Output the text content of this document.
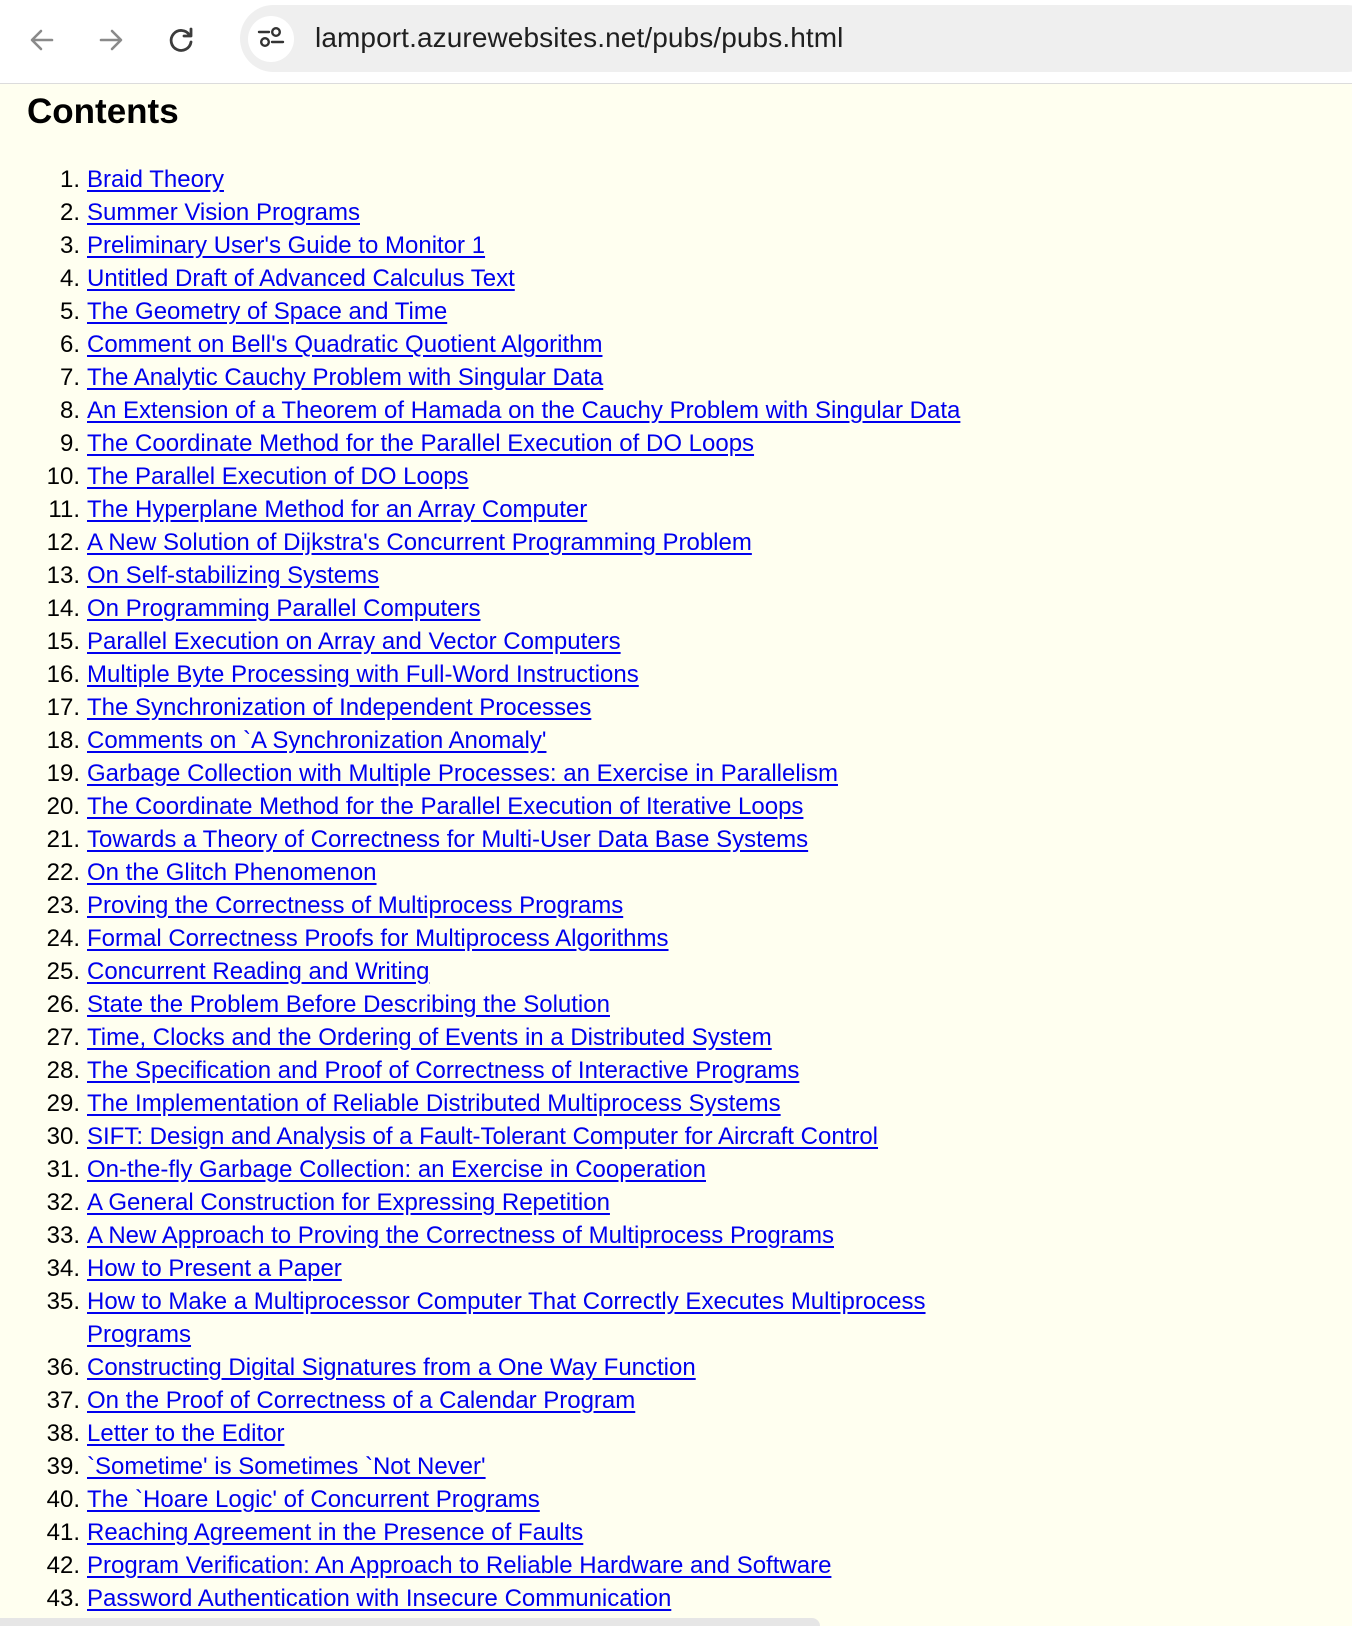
lamport.azurewebsites.net/pubs/pubs.html
Contents
1. Braid Theory
2. Summer Vision Programs
3. Preliminary User's Guide to Monitor 1
4. Untitled Draft of Advanced Calculus Text
5. The Geometry of Space and Time
6. Comment on Bell's Quadratic Quotient Algorithm
7. The Analytic Cauchy Problem with Singular Data
8. An Extension of a Theorem of Hamada on the Cauchy Problem with Singular Data
9. The Coordinate Method for the Parallel Execution of DO Loops
10. The Parallel Execution of DO Loops
11. The Hyperplane Method for an Array Computer
12. A New Solution of Dijkstra's Concurrent Programming Problem
13. On Self-stabilizing Systems
14. On Programming Parallel Computers
15. Parallel Execution on Array and Vector Computers
16. Multiple Byte Processing with Full-Word Instructions
17. The Synchronization of Independent Processes
18. Comments on `A Synchronization Anomaly'
19. Garbage Collection with Multiple Processes: an Exercise in Parallelism
20. The Coordinate Method for the Parallel Execution of Iterative Loops
21. Towards a Theory of Correctness for Multi-User Data Base Systems
22. On the Glitch Phenomenon
23. Proving the Correctness of Multiprocess Programs
24. Formal Correctness Proofs for Multiprocess Algorithms
25. Concurrent Reading and Writing
26. State the Problem Before Describing the Solution
27. Time, Clocks and the Ordering of Events in a Distributed System
28. The Specification and Proof of Correctness of Interactive Programs
29. The Implementation of Reliable Distributed Multiprocess Systems
30. SIFT: Design and Analysis of a Fault-Tolerant Computer for Aircraft Control
31. On-the-fly Garbage Collection: an Exercise in Cooperation
32. A General Construction for Expressing Repetition
33. A New Approach to Proving the Correctness of Multiprocess Programs
34. How to Present a Paper
35. How to Make a Multiprocessor Computer That Correctly Executes Multiprocess Programs
36. Constructing Digital Signatures from a One Way Function
37. On the Proof of Correctness of a Calendar Program
38. Letter to the Editor
39. `Sometime' is Sometimes `Not Never'
40. The `Hoare Logic' of Concurrent Programs
41. Reaching Agreement in the Presence of Faults
42. Program Verification: An Approach to Reliable Hardware and Software
43. Password Authentication with Insecure Communication
